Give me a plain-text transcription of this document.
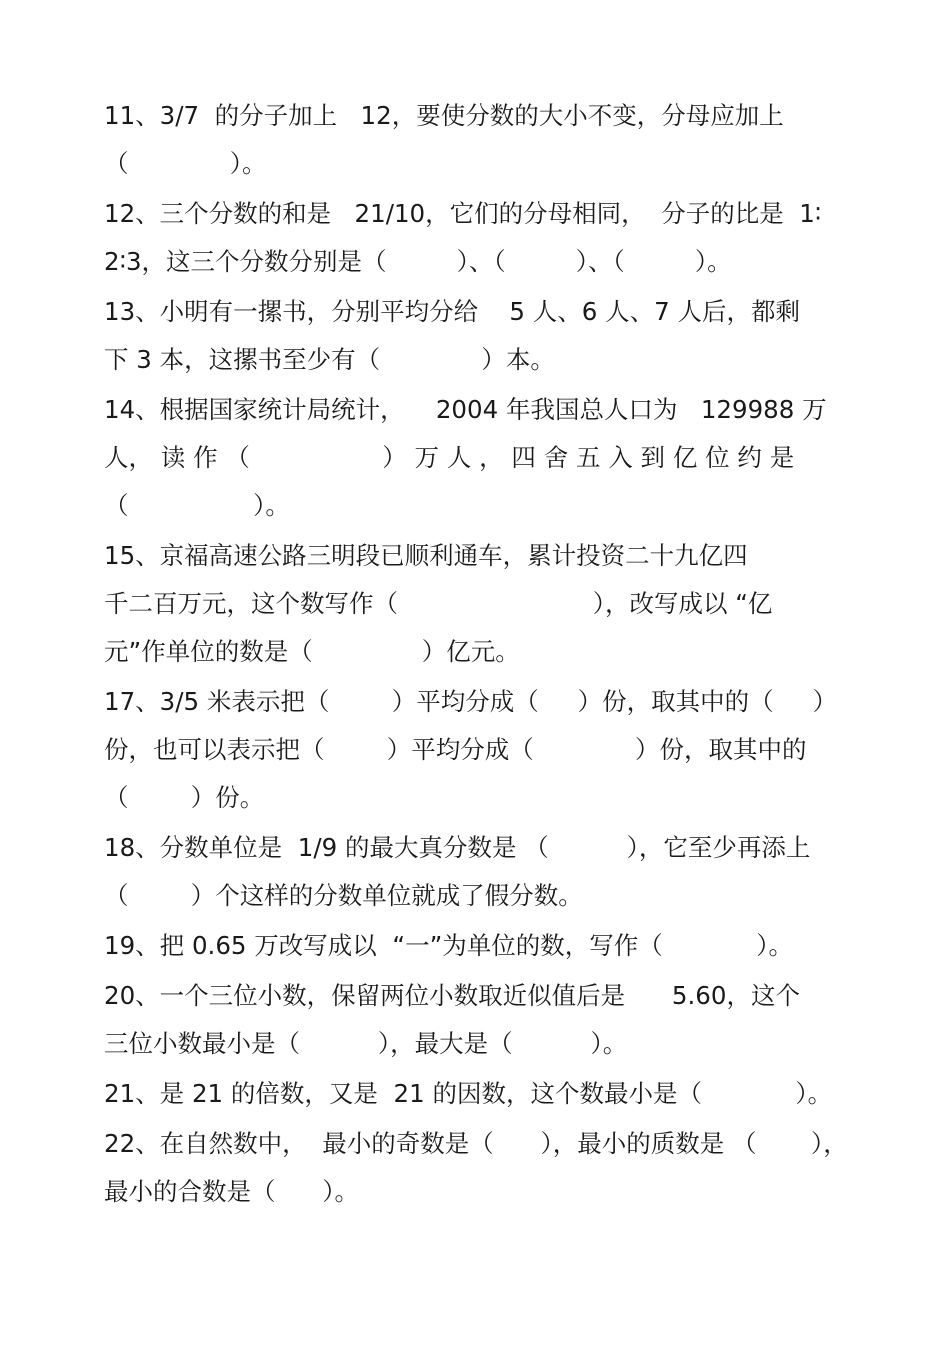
11、3/7  的分子加上   12，要使分数的大小不变，分母应加上
（             ）。
12、三个分数的和是   21/10，它们的分母相同，  分子的比是  1∶
2∶3，这三个分数分别是（         ）、（         ）、（         ）。
13、小明有一摞书，分别平均分给    5 人、6 人、7 人后，都剩
下 3 本，这摞书至少有（             ）本。
14、根据国家统计局统计，    2004 年我国总人口为   129988 万
人， 读 作 （                 ） 万 人 ， 四 舍 五 入 到 亿 位 约 是
（                ）。
15、京福高速公路三明段已顺利通车，累计投资二十九亿四
千二百万元，这个数写作（                         ），改写成以 “亿
元”作单位的数是（              ）亿元。
17、3/5 米表示把（        ）平均分成（     ）份，取其中的（     ）
份，也可以表示把（        ）平均分成（             ）份，取其中的
（        ）份。
18、分数单位是  1/9 的最大真分数是 （          ），它至少再添上
（        ）个这样的分数单位就成了假分数。
19、把 0.65 万改写成以  “一”为单位的数，写作（            ）。
20、一个三位小数，保留两位小数取近似值后是      5.60，这个
三位小数最小是（          ），最大是（          ）。
21、是 21 的倍数，又是  21 的因数，这个数最小是（            ）。
22、在自然数中，  最小的奇数是（      ），最小的质数是 （       ），
最小的合数是（      ）。
